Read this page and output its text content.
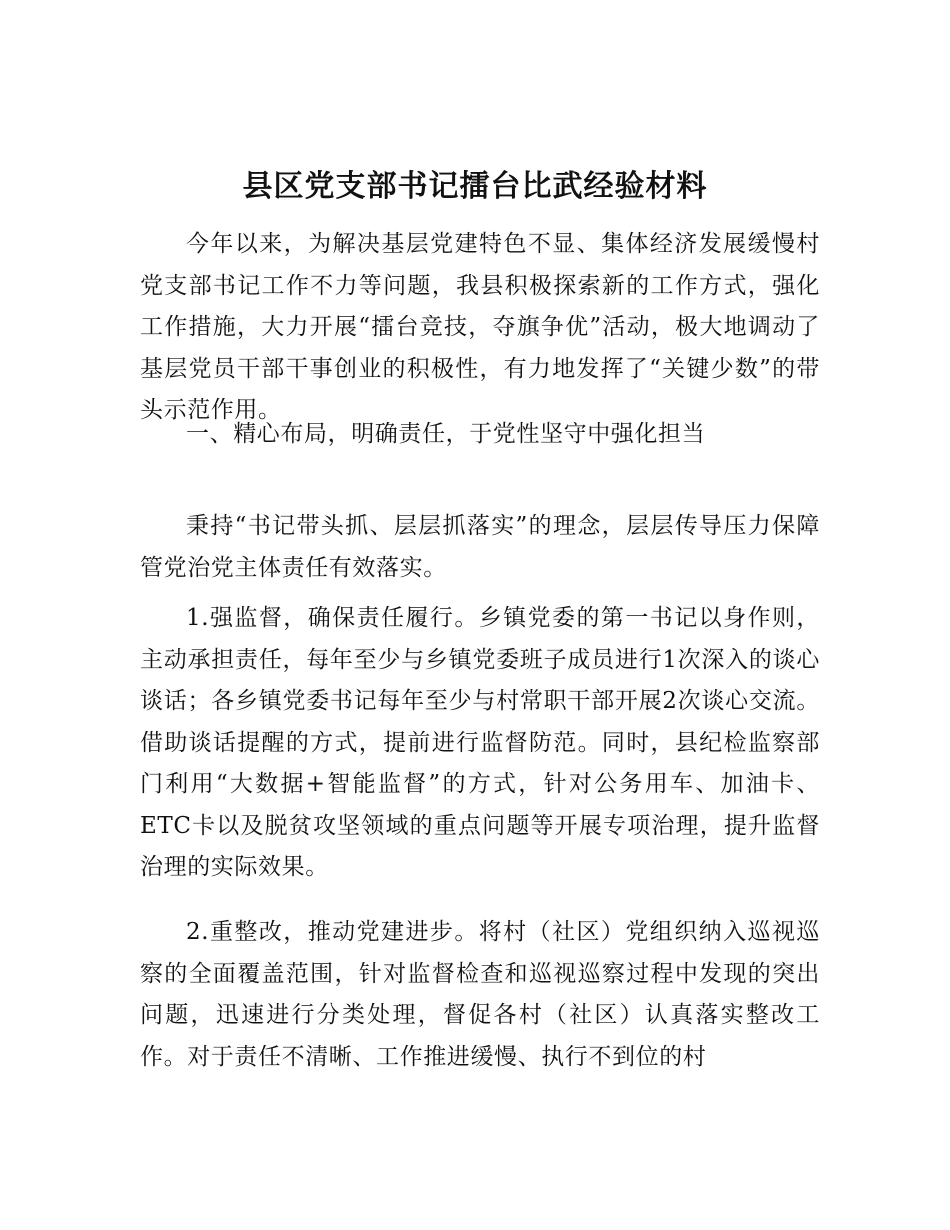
县区党支部书记擂台比武经验材料

今年以来，为解决基层党建特色不显、集体经济发展缓慢村党支部书记工作不力等问题，我县积极探索新的工作方式，强化工作措施，大力开展“擂台竞技，夺旗争优”活动，极大地调动了基层党员干部干事创业的积极性，有力地发挥了“关键少数”的带头示范作用。

一、精心布局，明确责任，于党性坚守中强化担当

秉持“书记带头抓、层层抓落实”的理念，层层传导压力保障管党治党主体责任有效落实。

1.强监督，确保责任履行。乡镇党委的第一书记以身作则，主动承担责任，每年至少与乡镇党委班子成员进行1次深入的谈心谈话；各乡镇党委书记每年至少与村常职干部开展2次谈心交流。借助谈话提醒的方式，提前进行监督防范。同时，县纪检监察部门利用“大数据+智能监督”的方式，针对公务用车、加油卡、ETC卡以及脱贫攻坚领域的重点问题等开展专项治理，提升监督治理的实际效果。

2.重整改，推动党建进步。将村（社区）党组织纳入巡视巡察的全面覆盖范围，针对监督检查和巡视巡察过程中发现的突出问题，迅速进行分类处理，督促各村（社区）认真落实整改工作。对于责任不清晰、工作推进缓慢、执行不到位的村
